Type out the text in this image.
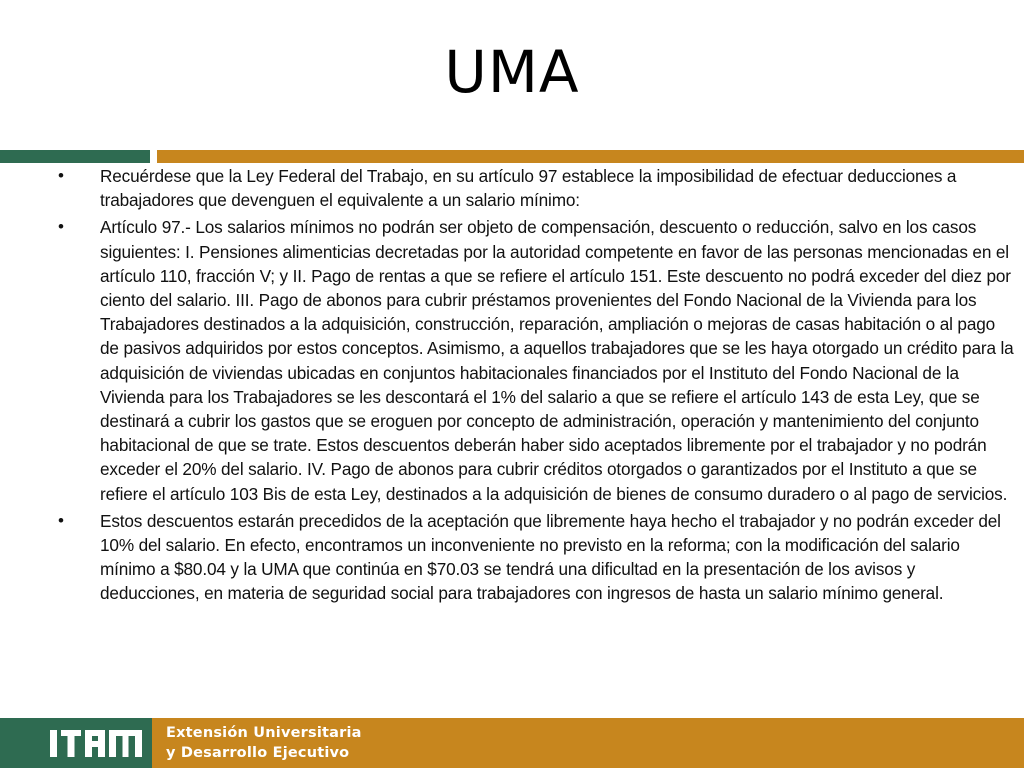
UMA
•	Recuérdese que la Ley Federal del Trabajo, en su artículo 97 establece la imposibilidad de efectuar deducciones a trabajadores que devenguen el equivalente a un salario mínimo:
•	Artículo 97.- Los salarios mínimos no podrán ser objeto de compensación, descuento o reducción, salvo en los casos siguientes: I. Pensiones alimenticias decretadas por la autoridad competente en favor de las personas mencionadas en el artículo 110, fracción V; y II. Pago de rentas a que se refiere el artículo 151. Este descuento no podrá exceder del diez por ciento del salario. III. Pago de abonos para cubrir préstamos provenientes del Fondo Nacional de la Vivienda para los Trabajadores destinados a la adquisición, construcción, reparación, ampliación o mejoras de casas habitación o al pago de pasivos adquiridos por estos conceptos. Asimismo, a aquellos trabajadores que se les haya otorgado un crédito para la adquisición de viviendas ubicadas en conjuntos habitacionales financiados por el Instituto del Fondo Nacional de la Vivienda para los Trabajadores se les descontará el 1% del salario a que se refiere el artículo 143 de esta Ley, que se destinará a cubrir los gastos que se eroguen por concepto de administración, operación y mantenimiento del conjunto habitacional de que se trate. Estos descuentos deberán haber sido aceptados libremente por el trabajador y no podrán exceder el 20% del salario. IV. Pago de abonos para cubrir créditos otorgados o garantizados por el Instituto a que se refiere el artículo 103 Bis de esta Ley, destinados a la adquisición de bienes de consumo duradero o al pago de servicios.
•	Estos descuentos estarán precedidos de la aceptación que libremente haya hecho el trabajador y no podrán exceder del 10% del salario. En efecto, encontramos un inconveniente no previsto en la reforma; con la modificación del salario mínimo a $80.04 y la UMA que continúa en $70.03 se tendrá una dificultad en la presentación de los avisos y deducciones, en materia de seguridad social para trabajadores con ingresos de hasta un salario mínimo general.
Extensión Universitaria
y Desarrollo Ejecutivo
